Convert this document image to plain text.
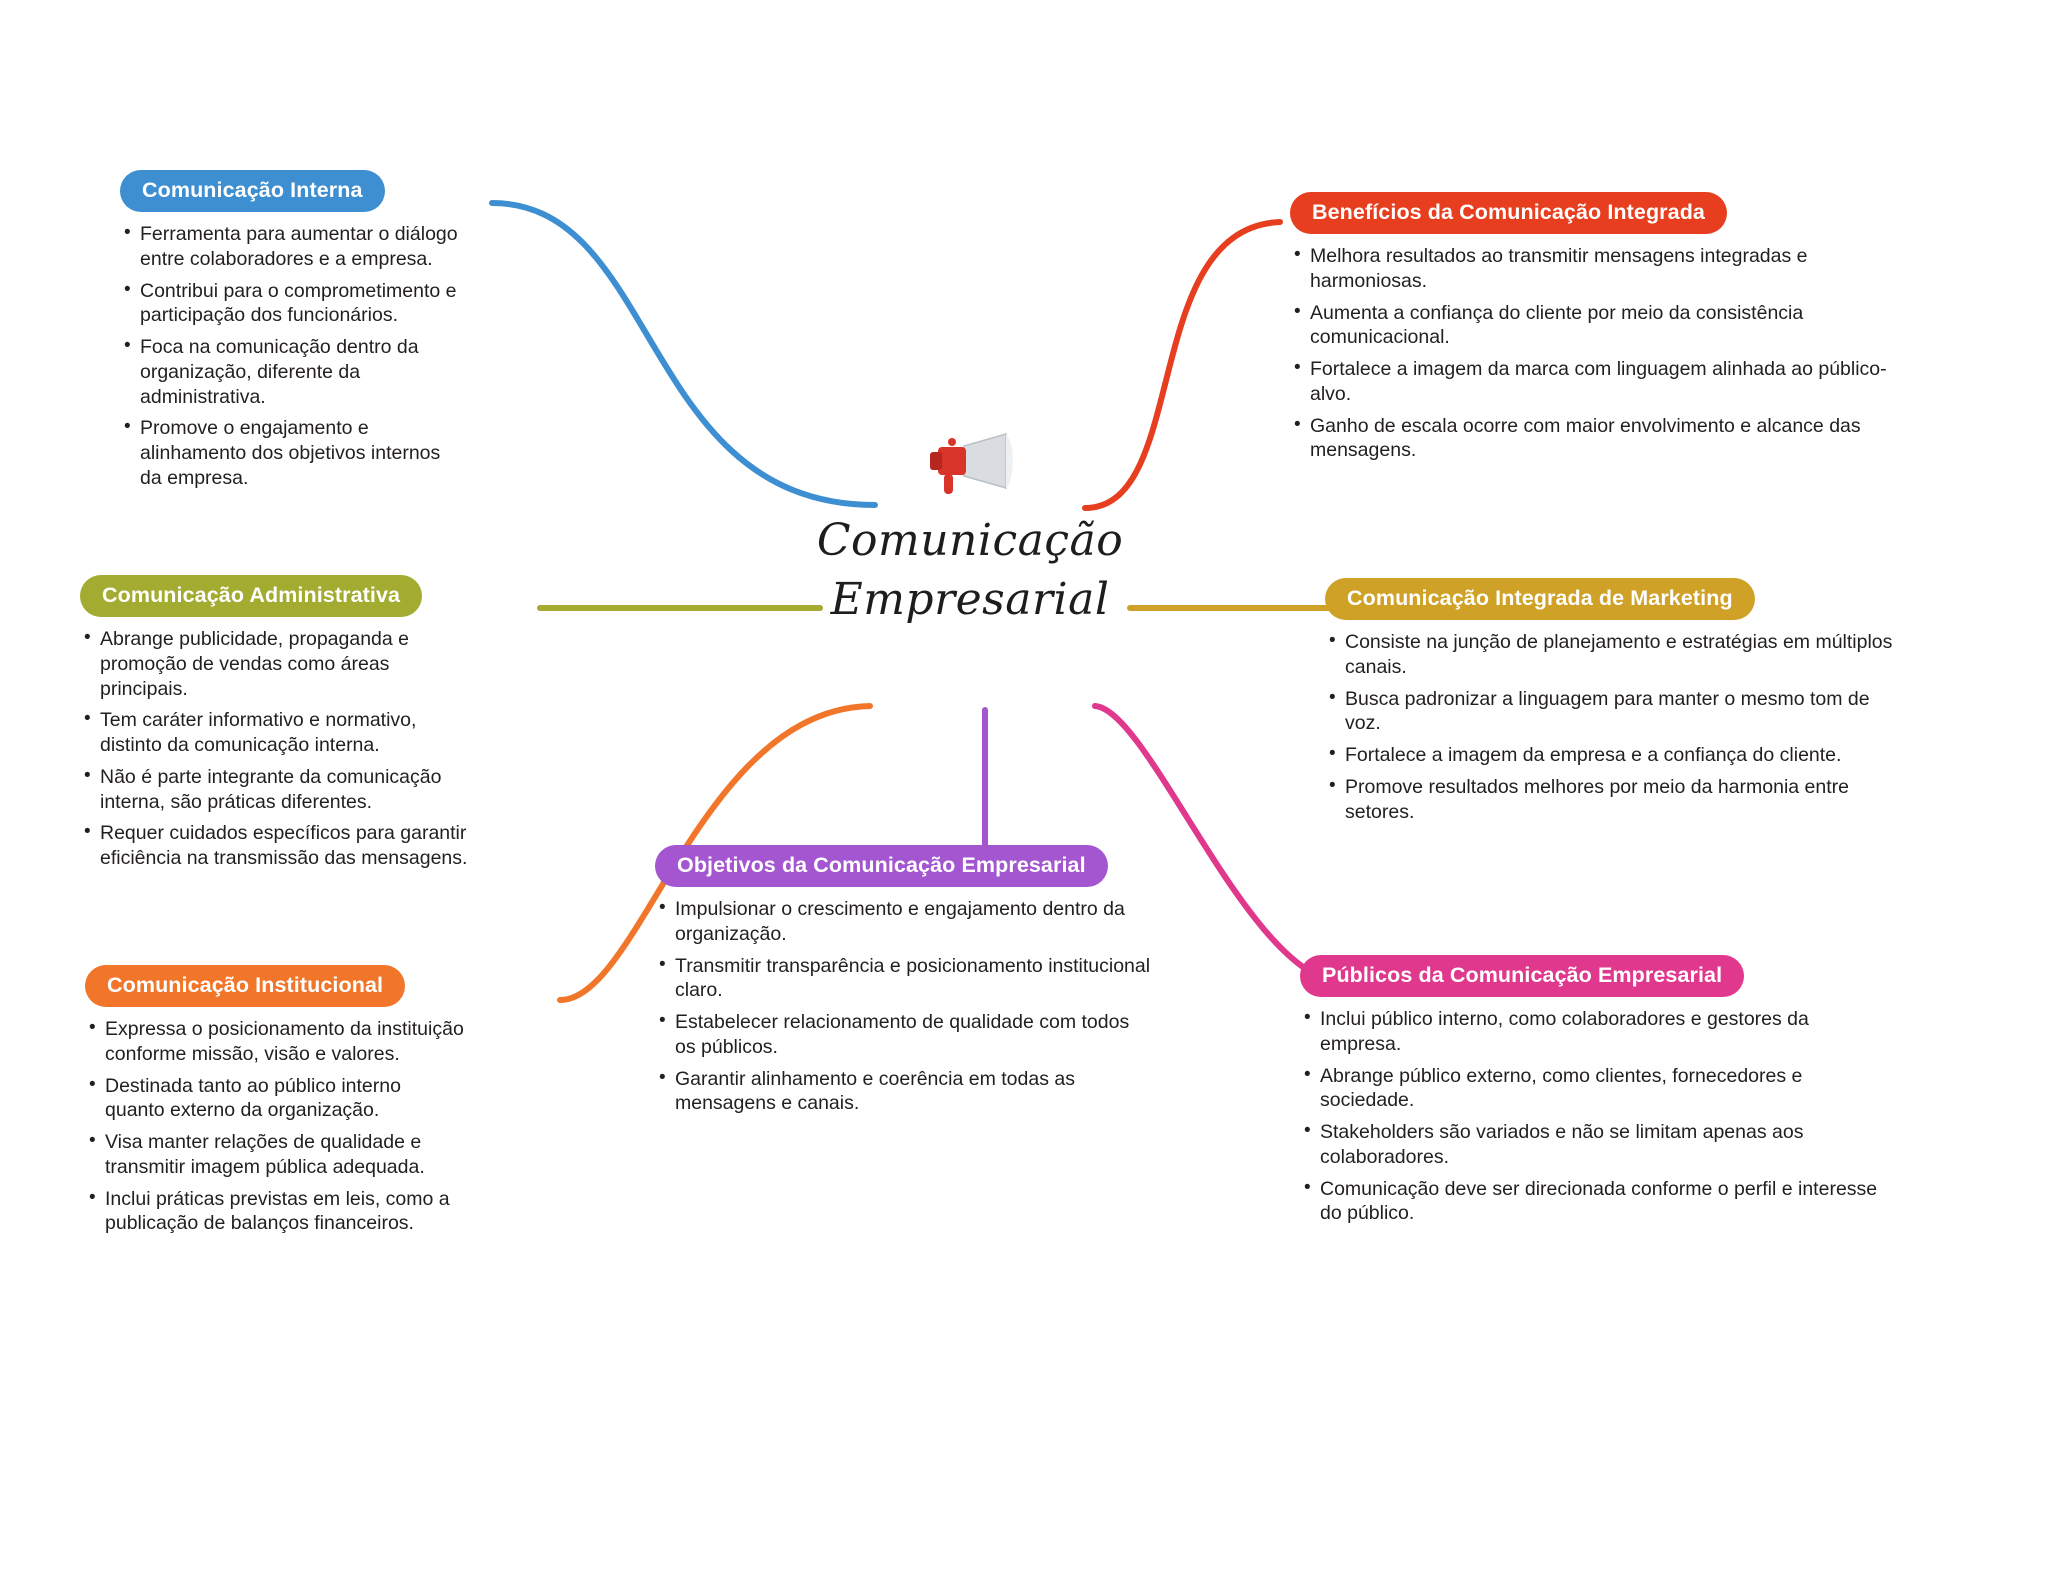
Comunicação
Empresarial
Comunicação Interna
• Ferramenta para aumentar o diálogo entre colaboradores e a empresa.
• Contribui para o comprometimento e participação dos funcionários.
• Foca na comunicação dentro da organização, diferente da administrativa.
• Promove o engajamento e alinhamento dos objetivos internos da empresa.
Benefícios da Comunicação Integrada
• Melhora resultados ao transmitir mensagens integradas e harmoniosas.
• Aumenta a confiança do cliente por meio da consistência comunicacional.
• Fortalece a imagem da marca com linguagem alinhada ao público-alvo.
• Ganho de escala ocorre com maior envolvimento e alcance das mensagens.
Comunicação Administrativa
• Abrange publicidade, propaganda e promoção de vendas como áreas principais.
• Tem caráter informativo e normativo, distinto da comunicação interna.
• Não é parte integrante da comunicação interna, são práticas diferentes.
• Requer cuidados específicos para garantir eficiência na transmissão das mensagens.
Comunicação Integrada de Marketing
• Consiste na junção de planejamento e estratégias em múltiplos canais.
• Busca padronizar a linguagem para manter o mesmo tom de voz.
• Fortalece a imagem da empresa e a confiança do cliente.
• Promove resultados melhores por meio da harmonia entre setores.
Comunicação Institucional
• Expressa o posicionamento da instituição conforme missão, visão e valores.
• Destinada tanto ao público interno quanto externo da organização.
• Visa manter relações de qualidade e transmitir imagem pública adequada.
• Inclui práticas previstas em leis, como a publicação de balanços financeiros.
Objetivos da Comunicação Empresarial
• Impulsionar o crescimento e engajamento dentro da organização.
• Transmitir transparência e posicionamento institucional claro.
• Estabelecer relacionamento de qualidade com todos os públicos.
• Garantir alinhamento e coerência em todas as mensagens e canais.
Públicos da Comunicação Empresarial
• Inclui público interno, como colaboradores e gestores da empresa.
• Abrange público externo, como clientes, fornecedores e sociedade.
• Stakeholders são variados e não se limitam apenas aos colaboradores.
• Comunicação deve ser direcionada conforme o perfil e interesse do público.
